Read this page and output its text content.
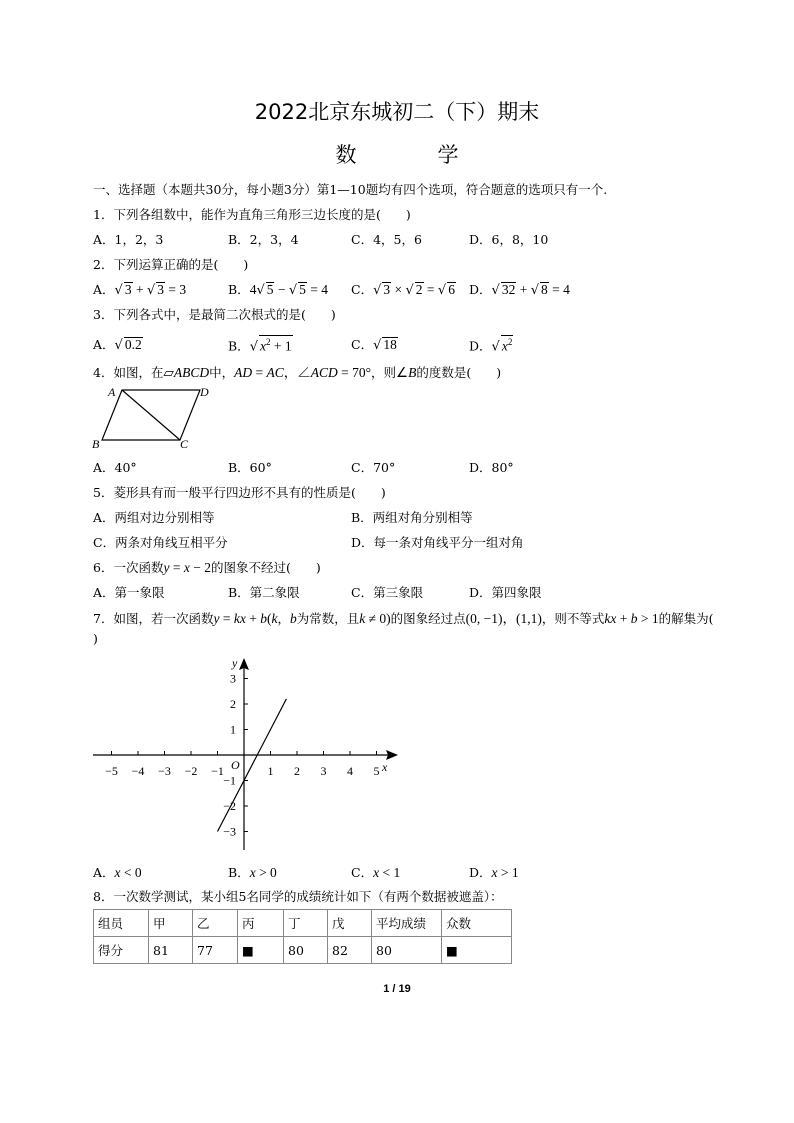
2022北京东城初二（下）期末
数　学
一、选择题（本题共30分，每小题3分）第1—10题均有四个选项，符合题意的选项只有一个.
1．下列各组数中，能作为直角三角形三边长度的是(　　)
A．1，2，3	B．2，3，4	C．4，5，6	D．6，8，10
2．下列运算正确的是(　　)
A．√ 3 + √ 3 = 3	B．4√ 5 − √ 5 = 4 C．√ 3 × √ 2 = √ 6 D．√ 32 + √ 8 = 4
3．下列各式中，是最简二次根式的是(　　)
A．√ 0.2	B．√ $x^2 + 1$	C．√ 18	D．√ $x^2$
4．如图，在▱ABCD中，AD = AC，∠ACD = 70°，则∠B的度数是(　　)
A	D
B	C
A．40°	B．60°	C．70°	D．80°
5．菱形具有而一般平行四边形不具有的性质是(　　)
A．两组对边分别相等	B．两组对角分别相等
C．两条对角线互相平分	D．每一条对角线平分一组对角
6．一次函数y = x − 2的图象不经过(　　)
A．第一象限	B．第二象限	C．第三象限	D．第四象限
7．如图，若一次函数y = kx + b(k，b为常数，且k ≠ 0)的图象经过点(0, −1)，(1,1)，则不等式kx + b > 1的解集为(
)
−5 −4 −3 −2 −1	1 2 3 4 5
3
2
1
−1
−2
−3
x
y
O
A．x < 0	B．x > 0	C．x < 1	D．x > 1
8．一次数学测试，某小组5名同学的成绩统计如下（有两个数据被遮盖）：
组员	甲	乙	丙	丁	戊	平均成绩	众数
得分	81	77	■	80	82	80	■
1 / 19
